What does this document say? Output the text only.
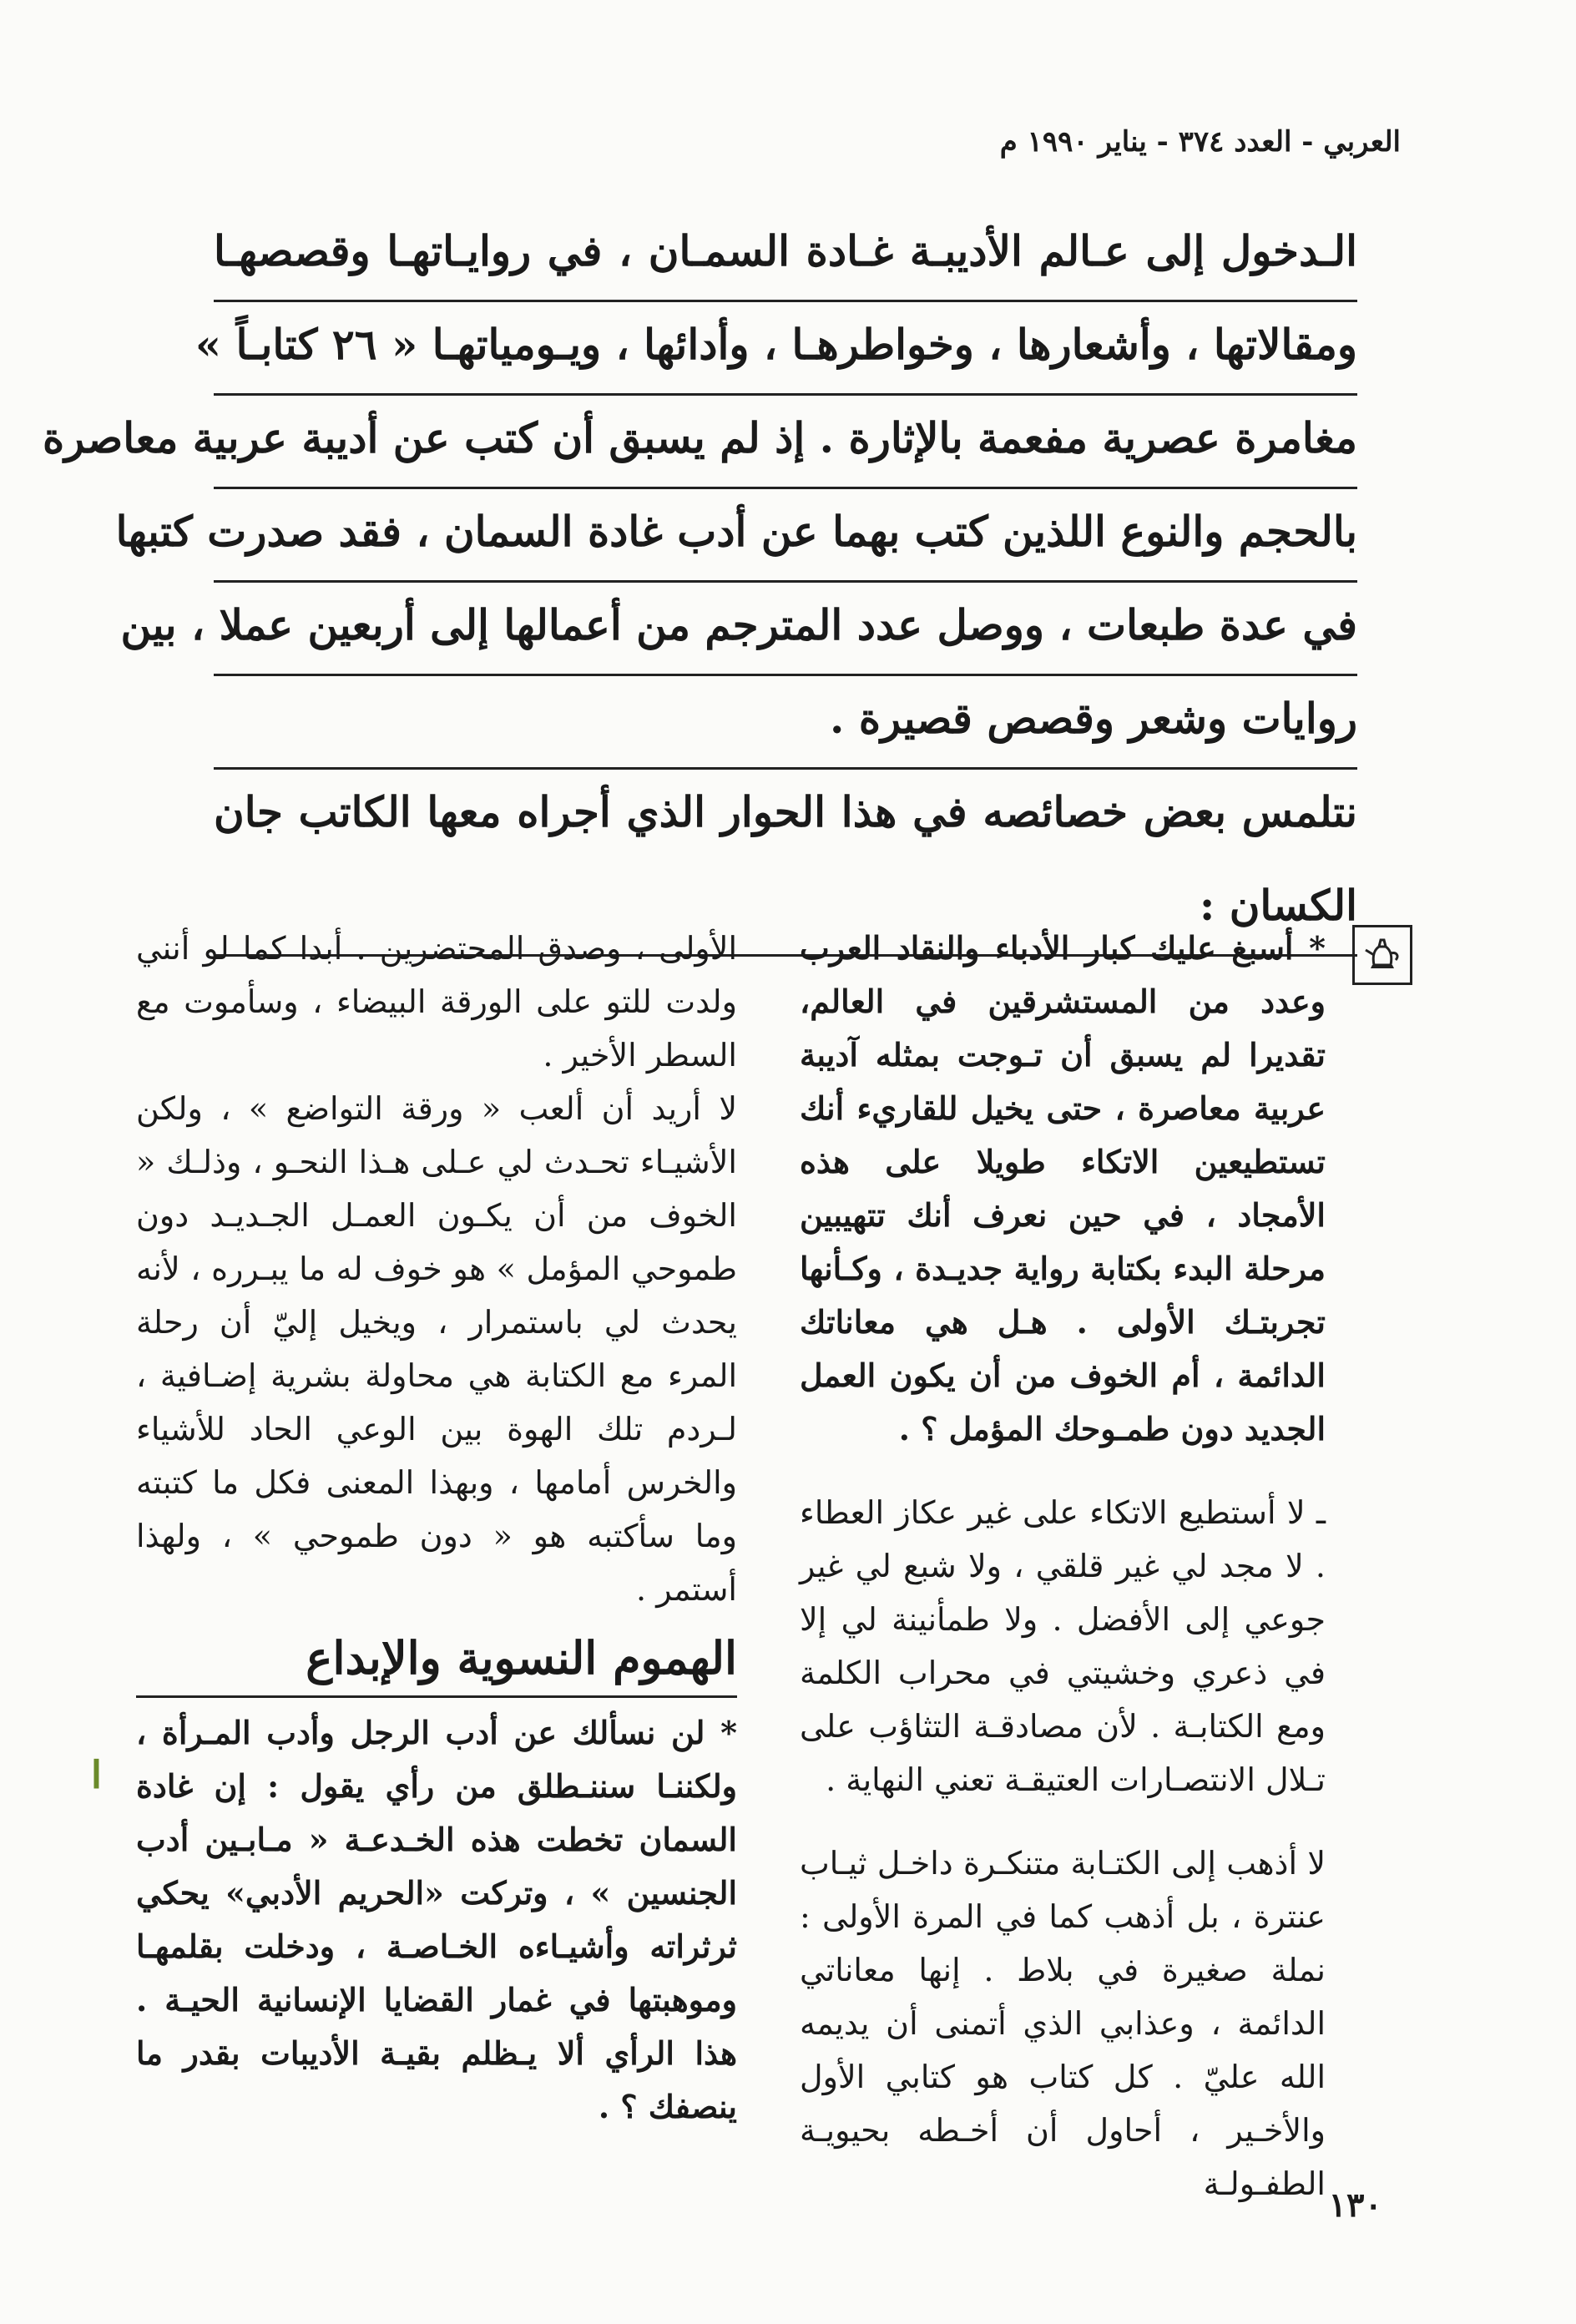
العربي - العدد ٣٧٤ - يناير ١٩٩٠ م
الـدخول إلى عـالم الأديبـة غـادة السمـان ، في روايـاتهـا وقصصهـا
ومقالاتها ، وأشعارها ، وخواطرهـا ، وأدائها ، ويـومياتهـا « ٢٦ كتابـاً »
مغامرة عصرية مفعمة بالإثارة . إذ لم يسبق أن كتب عن أديبة عربية معاصرة
بالحجم والنوع اللذين كتب بهما عن أدب غادة السمان ، فقد صدرت كتبها
في عدة طبعات ، ووصل عدد المترجم من أعمالها إلى أربعين عملا ، بين
روايات وشعر وقصص قصيرة .
نتلمس بعض خصائصه في هذا الحوار الذي أجراه معها الكاتب جان
الكسان :

* أسبغ عليك كبار الأدباء والنقاد العرب وعدد من المستشرقين في العالم، تقديرا لم يسبق أن تـوجت بمثله آديبة عربية معاصرة ، حتى يخيل للقاريء أنك تستطيعين الاتكاء طويلا على هذه الأمجاد ، في حين نعرف أنك تتهيبين مرحلة البدء بكتابة رواية جديـدة ، وكـأنها تجربتـك الأولى . هـل هي معاناتك الدائمة ، أم الخوف من أن يكون العمل الجديد دون طمـوحك المؤمل ؟ .

ـ لا أستطيع الاتكاء على غير عكاز العطاء . لا مجد لي غير قلقي ، ولا شبع لي غير جوعي إلى الأفضل . ولا طمأنينة لي إلا في ذعري وخشيتي في محراب الكلمة ومع الكتابـة . لأن مصادقـة التثاؤب على تـلال الانتصـارات العتيقـة تعني النهاية .

لا أذهب إلى الكتـابة متنكـرة داخـل ثيـاب عنترة ، بل أذهب كما في المرة الأولى : نملة صغيرة في بلاط . إنها معاناتي الدائمة ، وعذابي الذي أتمنى أن يديمه الله عليّ . كل كتاب هو كتابي الأول والأخـير ، أحاول أن أخـطه بحيويـة الطفـولـة

الأولى ، وصدق المحتضرين . أبدا كما لو أنني ولدت للتو على الورقة البيضاء ، وسأموت مع السطر الأخير .

لا أريد أن ألعب « ورقة التواضع » ، ولكن الأشيـاء تحـدث لي عـلى هـذا النحـو ، وذلـك « الخوف من أن يكـون العمـل الجـديـد دون طموحي المؤمل » هو خوف له ما يبـرره ، لأنه يحدث لي باستمرار ، ويخيل إليّ أن رحلة المرء مع الكتابة هي محاولة بشرية إضـافية ، لـردم تلك الهوة بين الوعي الحاد للأشياء والخرس أمامها ، وبهذا المعنى فكل ما كتبته وما سأكتبه هو « دون طموحي » ، ولهذا أستمر .

الهموم النسوية والإبداع

* لن نسألك عن أدب الرجل وأدب المـرأة ، ولكننـا سننـطلق من رأي يقول : إن غادة السمان تخطت هذه الخـدعـة « مـابـين أدب الجنسين » ، وتركت «الحريم الأدبي» يحكي ثرثراته وأشيـاءه الخـاصـة ، ودخلت بقلمهـا وموهبتها في غمار القضايا الإنسانية الحيـة . هذا الرأي ألا يـظلم بقيـة الأديبات بقدر ما ينصفك ؟ .

١٣٠
▎
